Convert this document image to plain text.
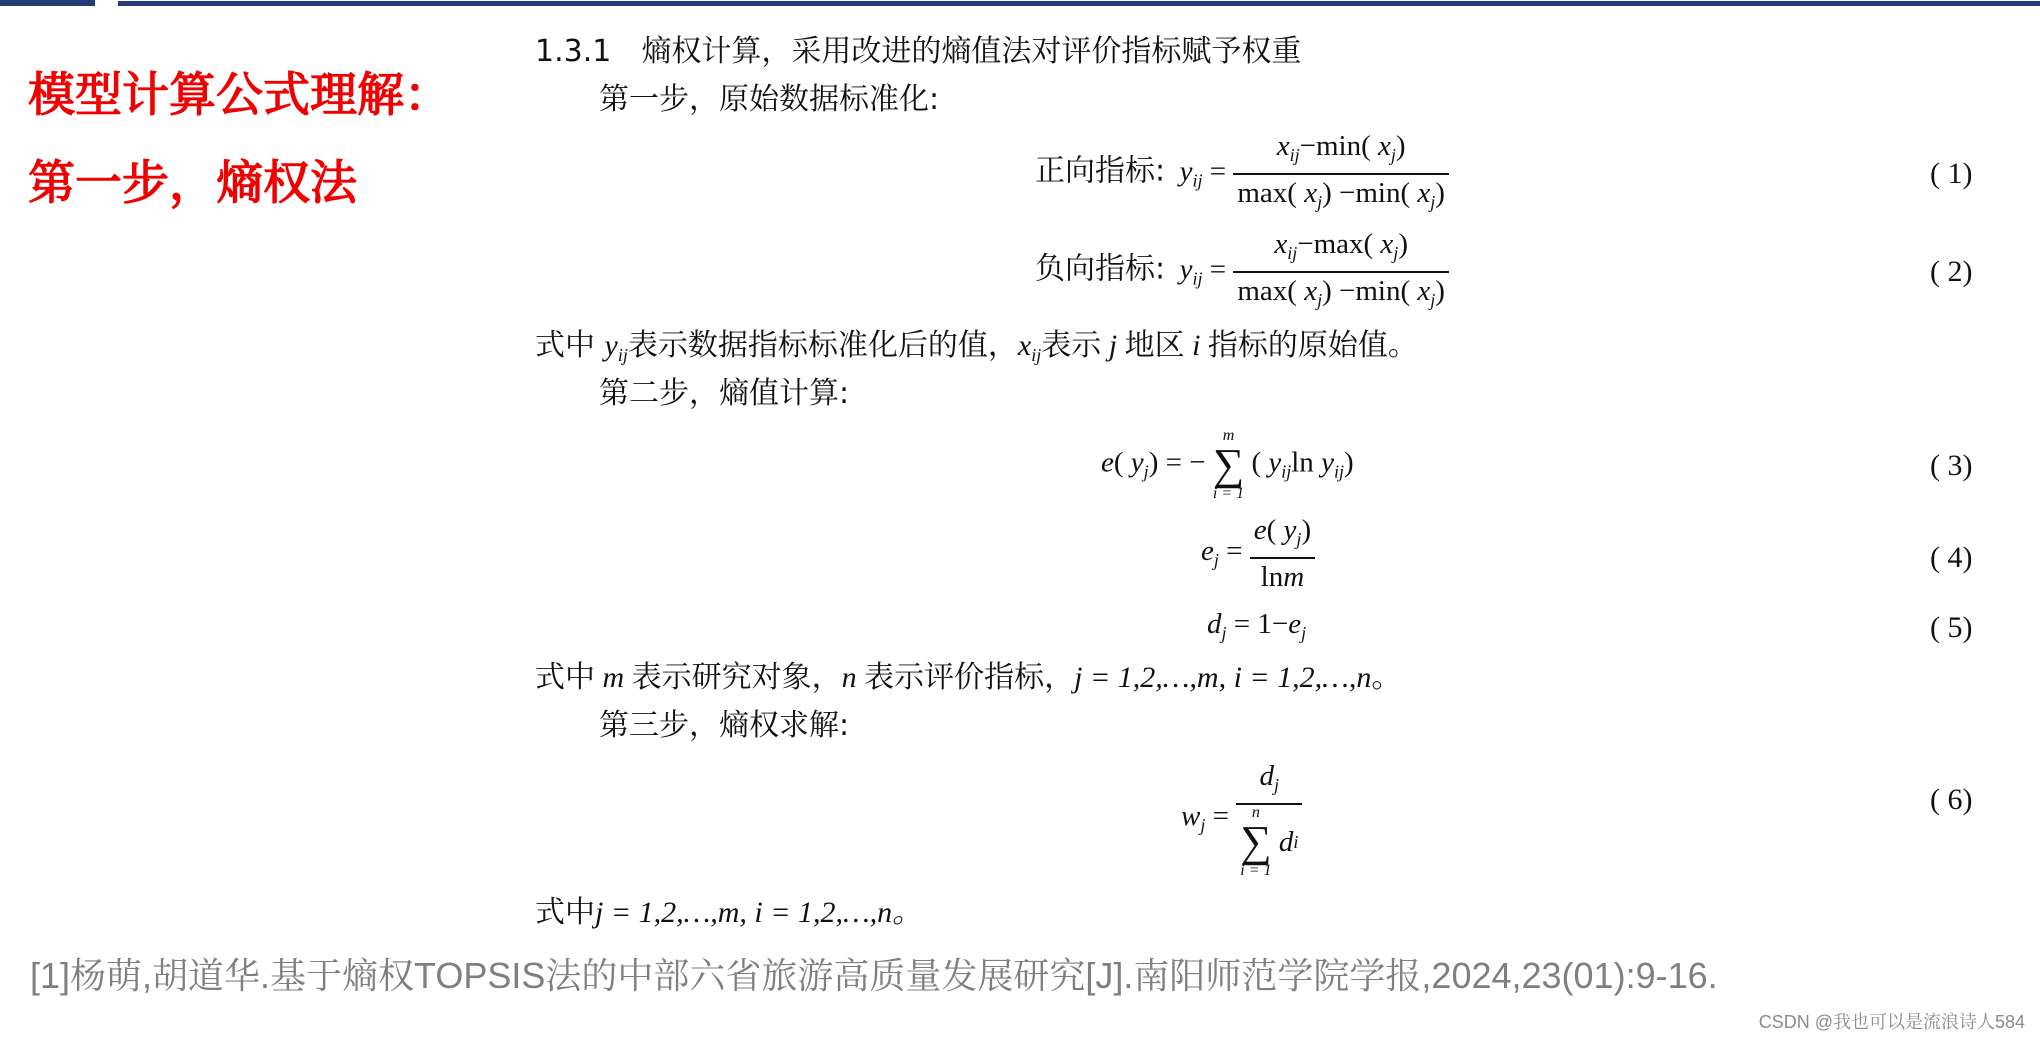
模型计算公式理解：
第一步，熵权法
1.3.1　熵权计算，采用改进的熵值法对评价指标赋予权重
第一步，原始数据标准化:
正向指标:  $y_{ij} = \frac{x_{ij}-\min( x_j)}{\max( x_j) -\min( x_j)}$	( 1)
负向指标:  $y_{ij} = \frac{x_{ij}-\max( x_j)}{\max( x_j) -\min( x_j)}$	( 2)
式中 $y_{ij}$表示数据指标标准化后的值，$x_{ij}$表示 j 地区 i 指标的原始值。
第二步，熵值计算:
e( $y_j$) = −
m
∑
i = 1
( $y_{ij}\ln$ $y_{ij}$)	( 3)
$e_j = \frac{e( y_j)}{\ln m}$	( 4)
$d_j = 1-e_j$	( 5)
式中 m 表示研究对象，n 表示评价指标，j = 1,2,…,m, i = 1,2,…,n。
第三步，熵权求解:
$w_j = d_j$
n
∑
i = 1

d i	( 6)
式中j = 1,2,…,m, i = 1,2,…,n。
[1]杨萌,胡道华.基于熵权TOPSIS法的中部六省旅游高质量发展研究[J].南阳师范学院学报,2024,23(01):9-16.
CSDN @我也可以是流浪诗人584
